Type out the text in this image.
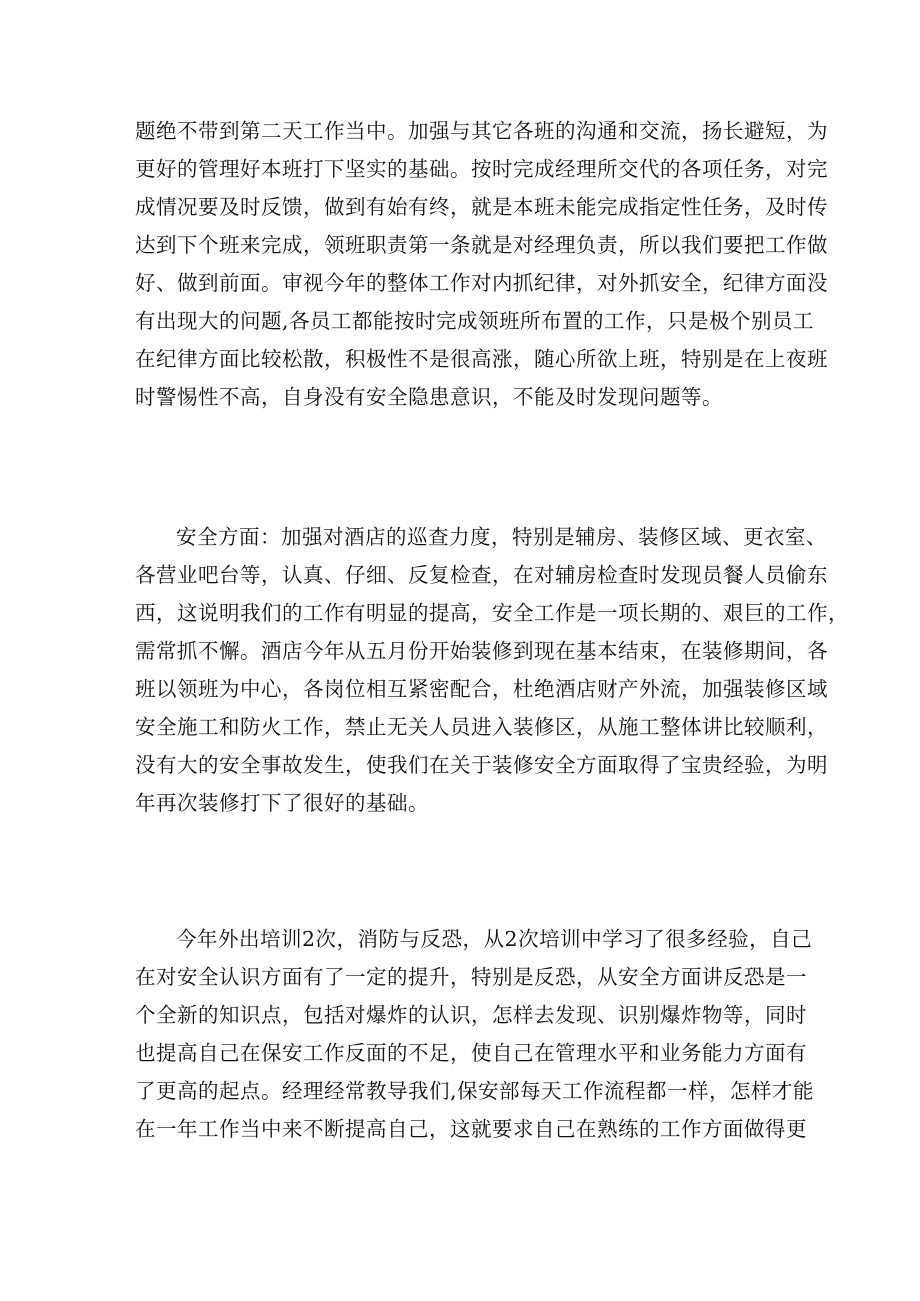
题绝不带到第二天工作当中。加强与其它各班的沟通和交流，扬长避短，为
更好的管理好本班打下坚实的基础。按时完成经理所交代的各项任务，对完
成情况要及时反馈，做到有始有终，就是本班未能完成指定性任务，及时传
达到下个班来完成，领班职责第一条就是对经理负责，所以我们要把工作做
好、做到前面。审视今年的整体工作对内抓纪律，对外抓安全，纪律方面没
有出现大的问题,各员工都能按时完成领班所布置的工作，只是极个别员工
在纪律方面比较松散，积极性不是很高涨，随心所欲上班，特别是在上夜班
时警惕性不高，自身没有安全隐患意识，不能及时发现问题等。
安全方面：加强对酒店的巡查力度，特别是辅房、装修区域、更衣室、
各营业吧台等，认真、仔细、反复检查，在对辅房检查时发现员餐人员偷东
西，这说明我们的工作有明显的提高，安全工作是一项长期的、艰巨的工作，
需常抓不懈。酒店今年从五月份开始装修到现在基本结束，在装修期间，各
班以领班为中心，各岗位相互紧密配合，杜绝酒店财产外流，加强装修区域
安全施工和防火工作，禁止无关人员进入装修区，从施工整体讲比较顺利，
没有大的安全事故发生，使我们在关于装修安全方面取得了宝贵经验，为明
年再次装修打下了很好的基础。
今年外出培训2次，消防与反恐，从2次培训中学习了很多经验，自己
在对安全认识方面有了一定的提升，特别是反恐，从安全方面讲反恐是一
个全新的知识点，包括对爆炸的认识，怎样去发现、识别爆炸物等，同时
也提高自己在保安工作反面的不足，使自己在管理水平和业务能力方面有
了更高的起点。经理经常教导我们,保安部每天工作流程都一样，怎样才能
在一年工作当中来不断提高自己，这就要求自己在熟练的工作方面做得更
